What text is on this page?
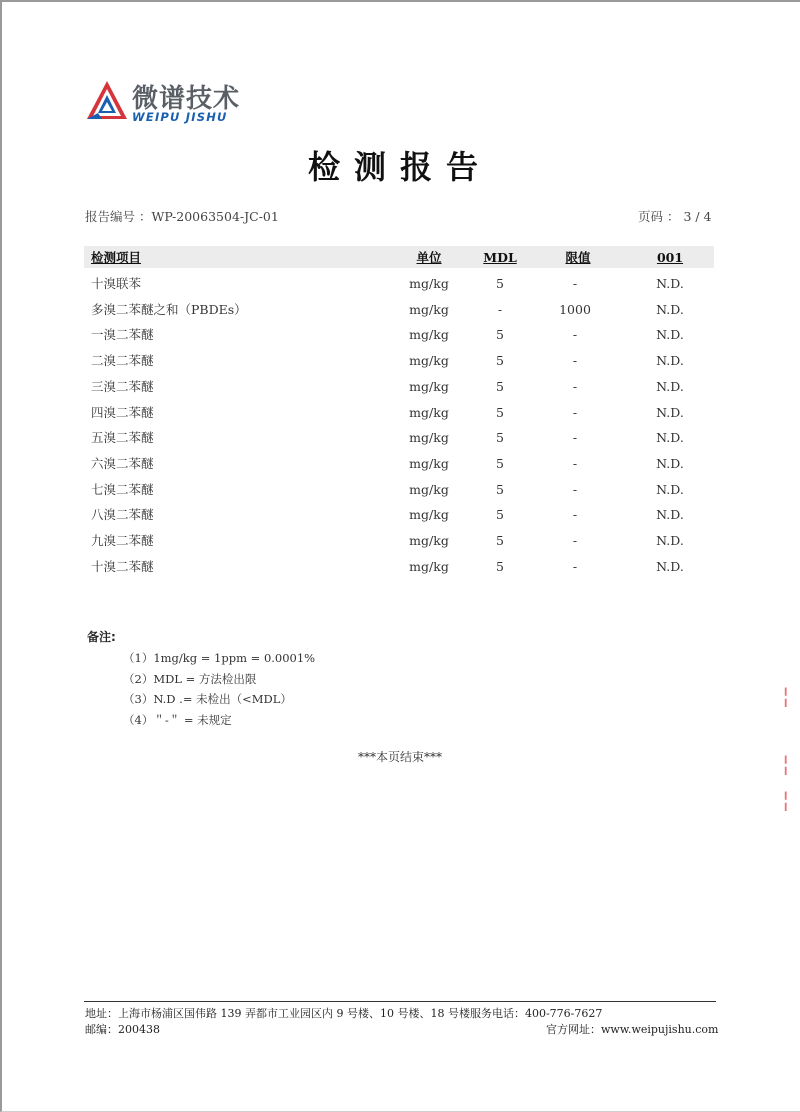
微谱技术
WEIPU JISHU
检测报告
报告编号 ：WP-20063504-JC-01	页码 ： 3 / 4
检测项目	单位	MDL	限值	001
十溴联苯	mg/kg	5	-	N.D.
多溴二苯醚之和（PBDEs）	mg/kg	-	1000	N.D.
一溴二苯醚	mg/kg	5	-	N.D.
二溴二苯醚	mg/kg	5	-	N.D.
三溴二苯醚	mg/kg	5	-	N.D.
四溴二苯醚	mg/kg	5	-	N.D.
五溴二苯醚	mg/kg	5	-	N.D.
六溴二苯醚	mg/kg	5	-	N.D.
七溴二苯醚	mg/kg	5	-	N.D.
八溴二苯醚	mg/kg	5	-	N.D.
九溴二苯醚	mg/kg	5	-	N.D.
十溴二苯醚	mg/kg	5	-	N.D.
备注:
（1）1mg/kg = 1ppm = 0.0001%
（2）MDL = 方法检出限
（3）N.D .= 未检出（<MDL）
（4）＂-＂ = 未规定
***本页结束***
¦
¦
¦
地址：上海市杨浦区国伟路 139 弄都市工业园区内 9 号楼、10 号楼、18 号楼服务电话：400-776-7627
邮编：200438	官方网址：www.weipujishu.com
